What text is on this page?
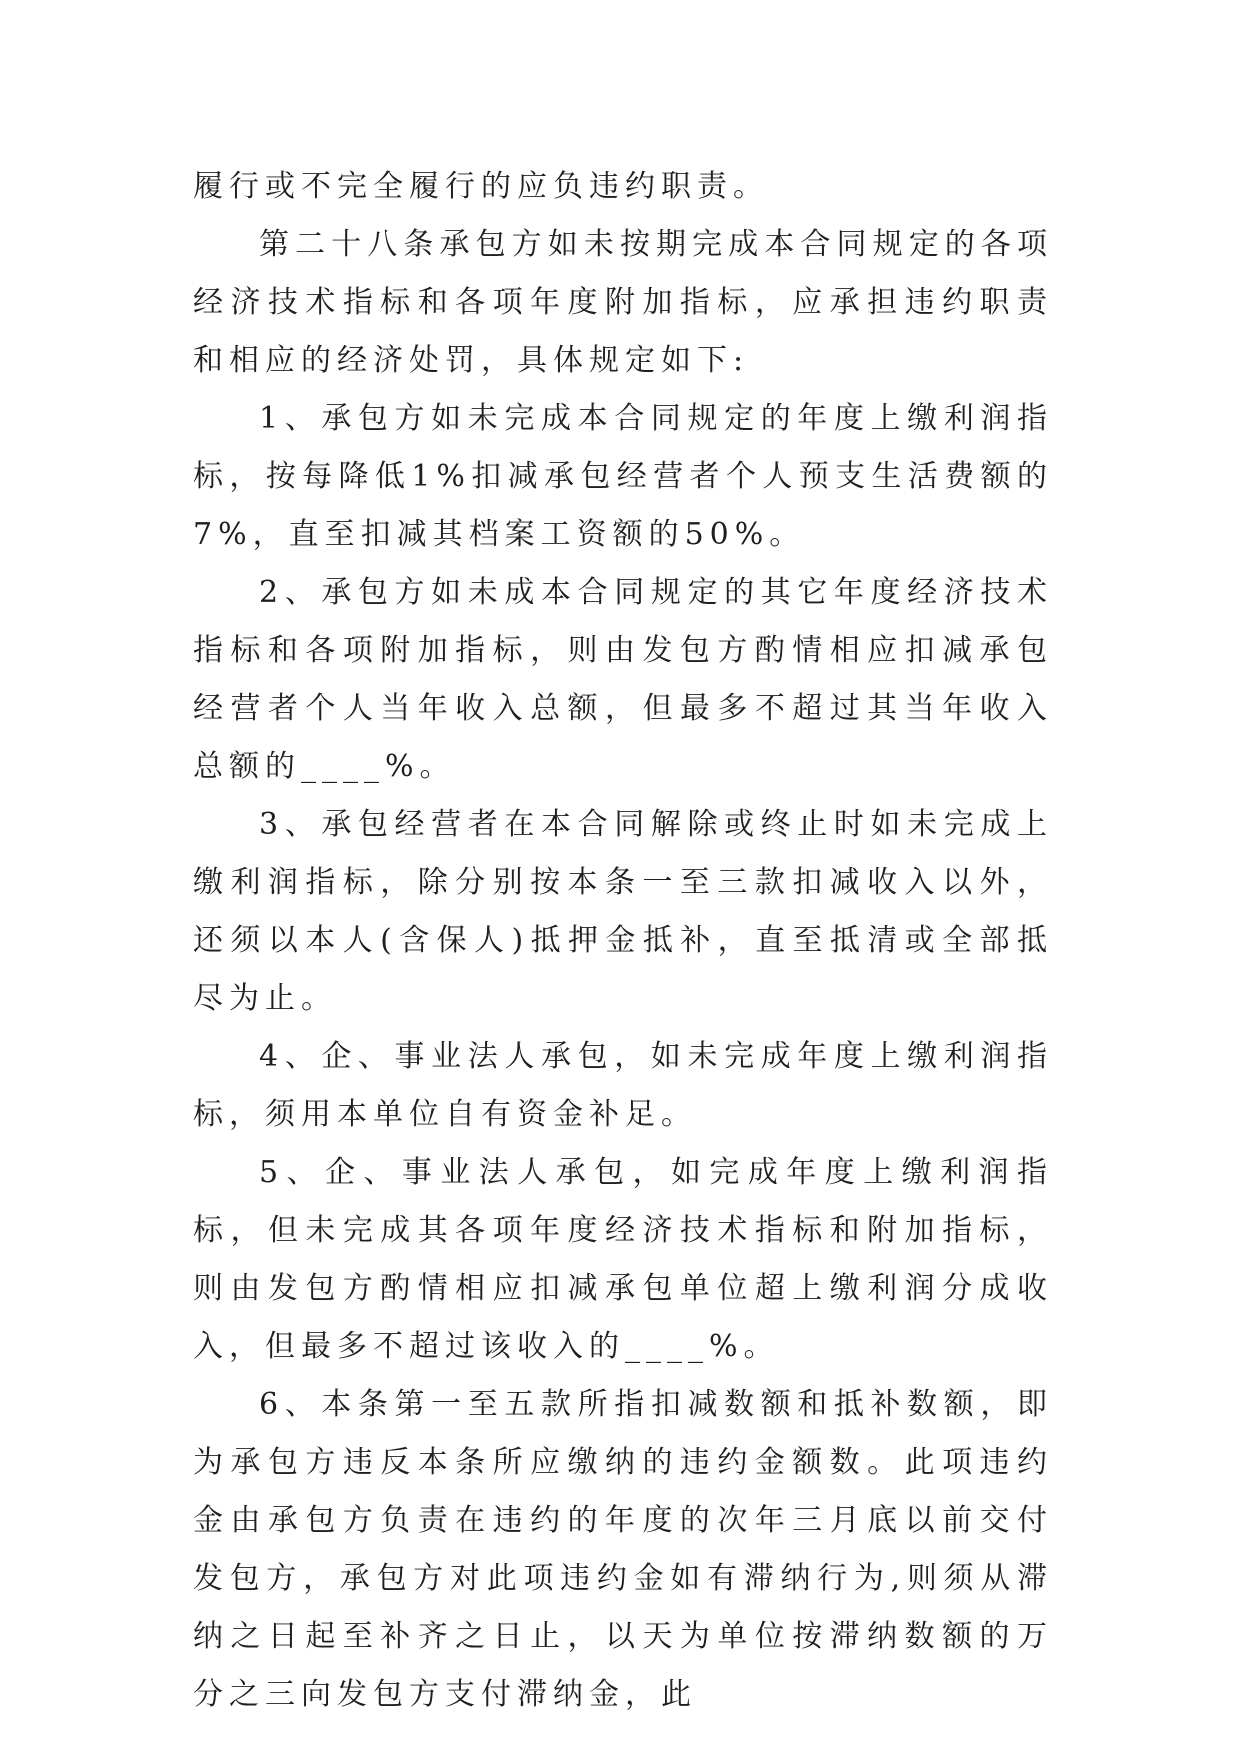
履行或不完全履行的应负违约职责。

第二十八条承包方如未按期完成本合同规定的各项经济技术指标和各项年度附加指标，应承担违约职责和相应的经济处罚，具体规定如下:

1、承包方如未完成本合同规定的年度上缴利润指标，按每降低1%扣减承包经营者个人预支生活费额的7%，直至扣减其档案工资额的50%。

2、承包方如未成本合同规定的其它年度经济技术指标和各项附加指标，则由发包方酌情相应扣减承包经营者个人当年收入总额，但最多不超过其当年收入总额的____%。

3、承包经营者在本合同解除或终止时如未完成上缴利润指标，除分别按本条一至三款扣减收入以外，还须以本人(含保人)抵押金抵补，直至抵清或全部抵尽为止。

4、企、事业法人承包，如未完成年度上缴利润指标，须用本单位自有资金补足。

5、企、事业法人承包，如完成年度上缴利润指标，但未完成其各项年度经济技术指标和附加指标，则由发包方酌情相应扣减承包单位超上缴利润分成收入，但最多不超过该收入的____%。

6、本条第一至五款所指扣减数额和抵补数额，即为承包方违反本条所应缴纳的违约金额数。此项违约金由承包方负责在违约的年度的次年三月底以前交付发包方，承包方对此项违约金如有滞纳行为,则须从滞纳之日起至补齐之日止，以天为单位按滞纳数额的万分之三向发包方支付滞纳金，此
